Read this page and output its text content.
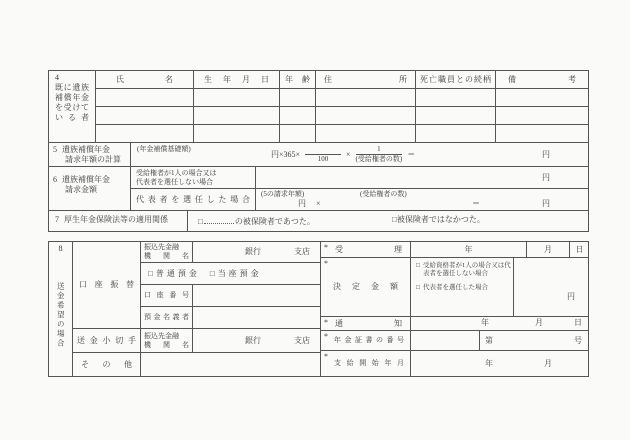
4
既に遺族
補償年金
を受けて
いる者
氏名	生年月日 年齢 住所 死亡職員との続柄 備考
5 遺族補償年金
請求年額の計算
(年金補償基礎額)
円×365×
100
× $\frac{1}{\text{(受給権者の数)}}$ ＝	円
6 遺族補償年金
請求金額
受給権者が1人の場合又は
代表者を選任しない場合	円
代表者を選任した場合
(5の請求年額)
円 ×
(受給権者の数)
＝	円
7 厚生年金保険法等の適用関係	□	の被保険者であつた。	□被保険者ではなかつた。
8
送金希望の場合 口座振替
送金小切手
その他
振込先金融
機関名	銀行	支店
□ 普通預金 □ 当座預金
口座番号
預金名義者
振込先金融
機関名	銀行	支店
* 受理	年	月	日
*
決定金額
□ 受給資格者が1人の場合又は代表者を選任しない場合
□ 代表者を選任した場合
円
* 通知	年	月	日
* 年金証書の番号	第	号
*
支給開始年月	年	月
